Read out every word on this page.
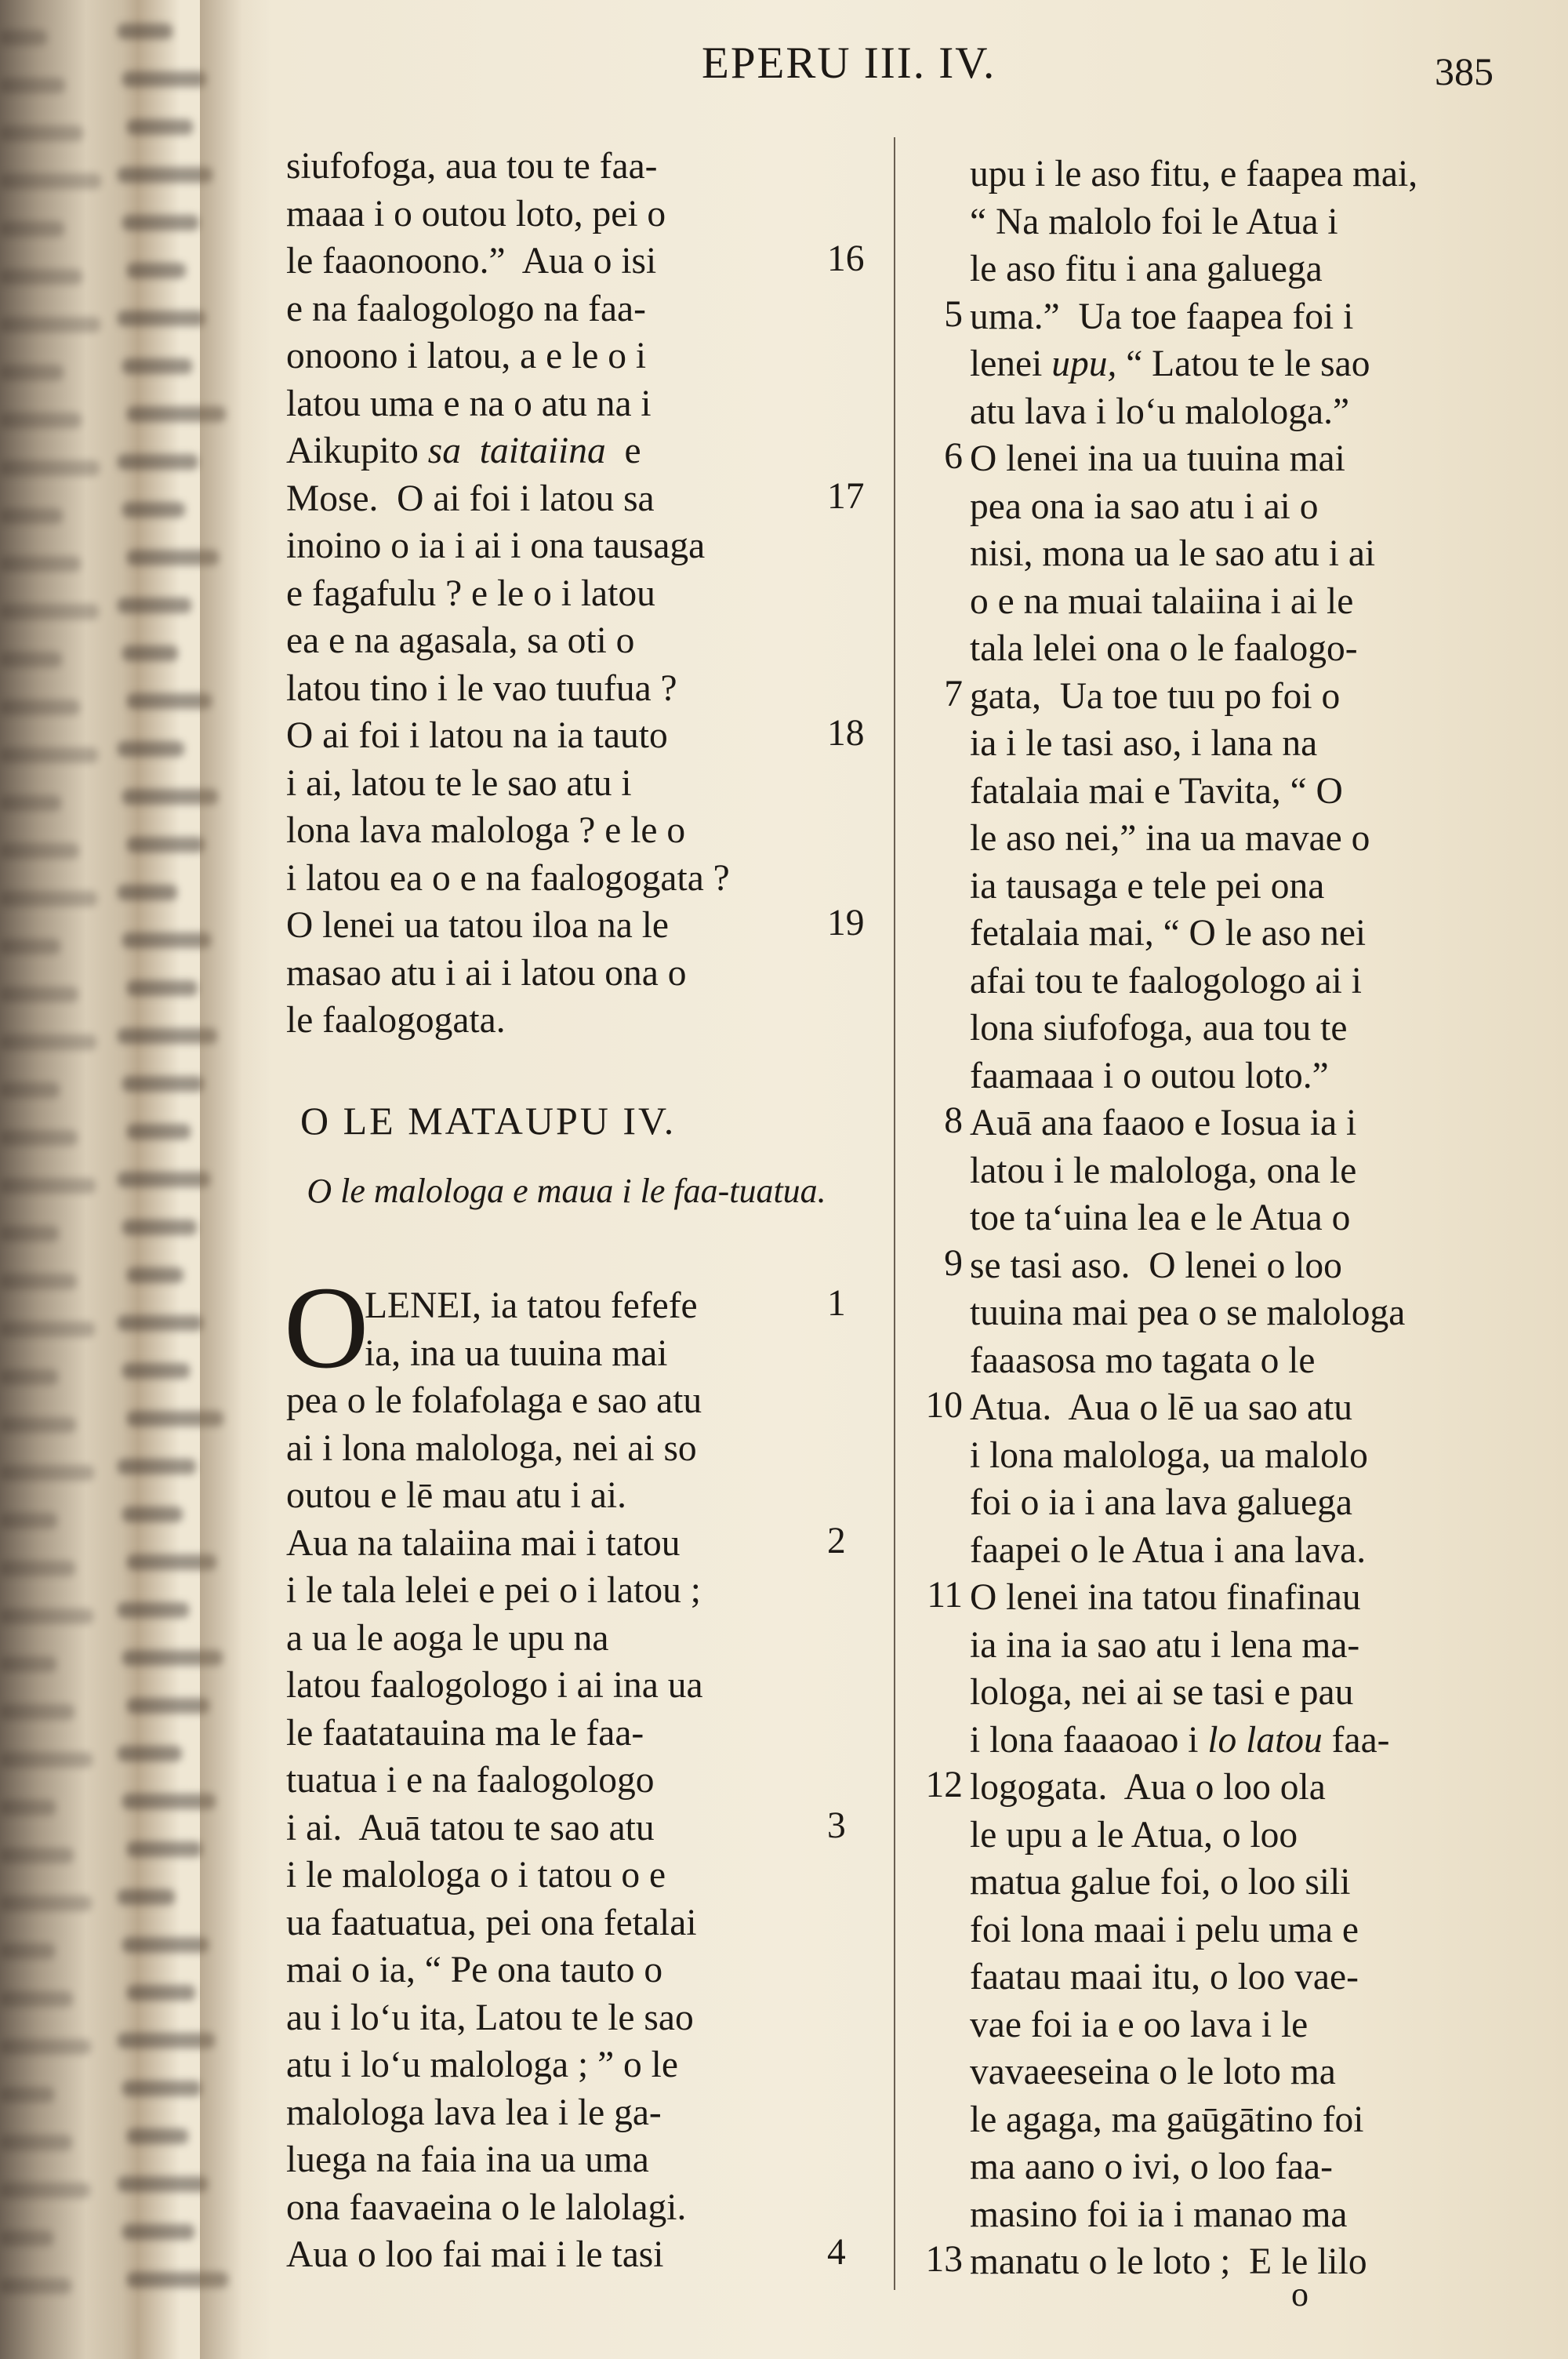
EPERU III. IV.	385
siufofoga, aua tou te faa-
maaa i o outou loto, pei o
le faaonoono.”  Aua o isi
e na faalogologo na faa-
onoono i latou, a e le o i
latou uma e na o atu na i
Aikupito sa  taitaiina  e
Mose.  O ai foi i latou sa
inoino o ia i ai i ona tausaga
e fagafulu ? e le o i latou
ea e na agasala, sa oti o
latou tino i le vao tuufua ?
O ai foi i latou na ia tauto
i ai, latou te le sao atu i
lona lava malologa ? e le o
i latou ea o e na faalogogata ?
O lenei ua tatou iloa na le
masao atu i ai i latou ona o
le faalogogata.
O LE MATAUPU IV.
O le malologa e maua i le faa-tuatua.
O
LENEI, ia tatou fefefe
ia, ina ua tuuina mai
pea o le folafolaga e sao atu
ai i lona malologa, nei ai so
outou e lē mau atu i ai.
Aua na talaiina mai i tatou
i le tala lelei e pei o i latou ;
a ua le aoga le upu na
latou faalogologo i ai ina ua
le faatatauina ma le faa-
tuatua i e na faalogologo
i ai.  Auā tatou te sao atu
i le malologa o i tatou o e
ua faatuatua, pei ona fetalai
mai o ia, “ Pe ona tauto o
au i loʻu ita, Latou te le sao
atu i loʻu malologa ; ” o le
malologa lava lea i le ga-
luega na faia ina ua uma
ona faavaeina o le lalolagi.
Aua o loo fai mai i le tasi
upu i le aso fitu, e faapea mai,
“ Na malolo foi le Atua i
le aso fitu i ana galuega
uma.”  Ua toe faapea foi i
lenei upu, “ Latou te le sao
atu lava i loʻu malologa.”
O lenei ina ua tuuina mai
pea ona ia sao atu i ai o
nisi, mona ua le sao atu i ai
o e na muai talaiina i ai le
tala lelei ona o le faalogo-
gata,  Ua toe tuu po foi o
ia i le tasi aso, i lana na
fatalaia mai e Tavita, “ O
le aso nei,” ina ua mavae o
ia tausaga e tele pei ona
fetalaia mai, “ O le aso nei
afai tou te faalogologo ai i
lona siufofoga, aua tou te
faamaaa i o outou loto.”
Auā ana faaoo e Iosua ia i
latou i le malologa, ona le
toe taʻuina lea e le Atua o
se tasi aso.  O lenei o loo
tuuina mai pea o se malologa
faaasosa mo tagata o le
Atua.  Aua o lē ua sao atu
i lona malologa, ua malolo
foi o ia i ana lava galuega
faapei o le Atua i ana lava.
O lenei ina tatou finafinau
ia ina ia sao atu i lena ma-
lologa, nei ai se tasi e pau
i lona faaaoao i lo latou faa-
logogata.  Aua o loo ola
le upu a le Atua, o loo
matua galue foi, o loo sili
foi lona maai i pelu uma e
faatau maai itu, o loo vae-
vae foi ia e oo lava i le
vavaeeseina o le loto ma
le agaga, ma gaūgātino foi
ma aano o ivi, o loo faa-
masino foi ia i manao ma
manatu o le loto ;  E le lilo
o
16
17
18
19
1
2
3
4
5
6
7
8
9
10
11
12
13
